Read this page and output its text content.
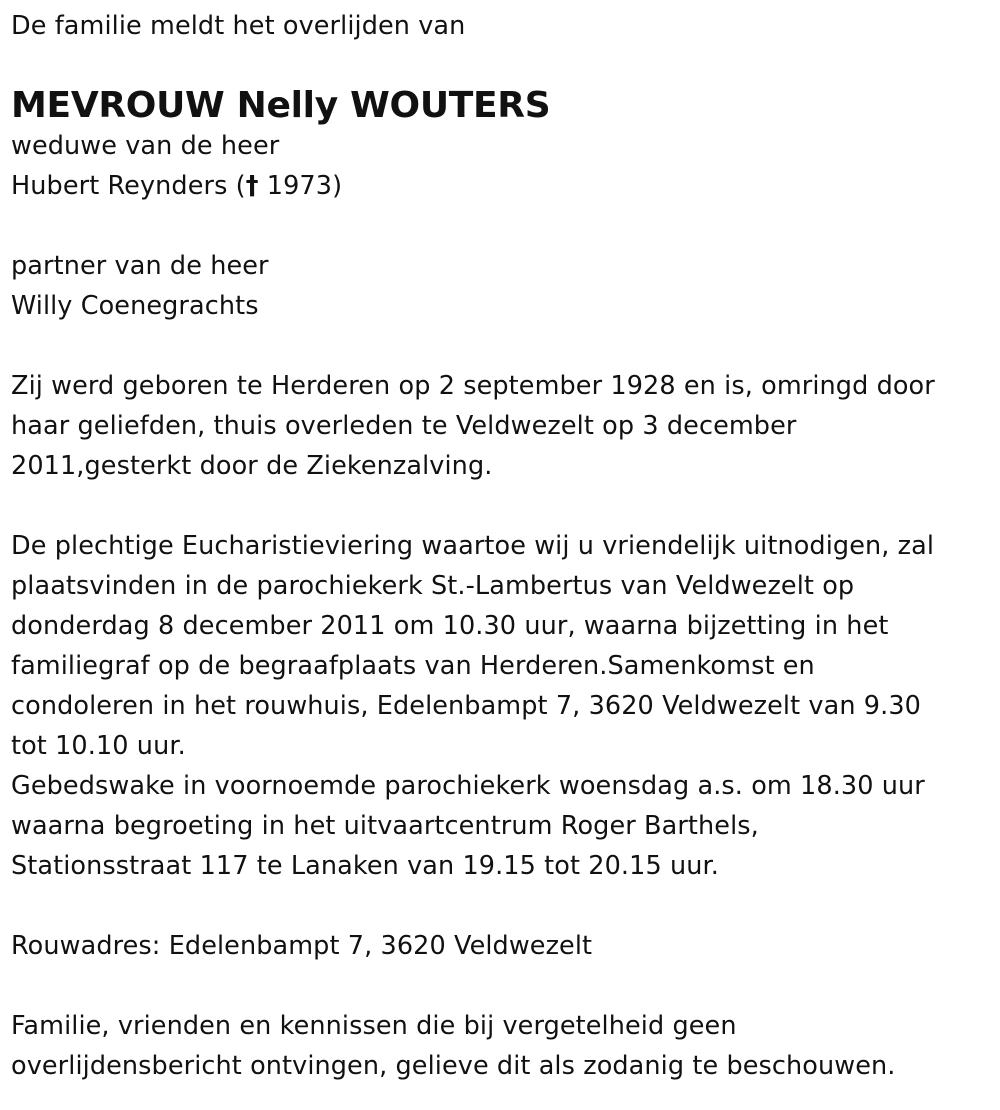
De familie meldt het overlijden van
MEVROUW Nelly WOUTERS
weduwe van de heer
Hubert Reynders († 1973)
partner van de heer
Willy Coenegrachts
Zij werd geboren te Herderen op 2 september 1928 en is, omringd door
haar geliefden, thuis overleden te Veldwezelt op 3 december
2011,gesterkt door de Ziekenzalving.
De plechtige Eucharistieviering waartoe wij u vriendelijk uitnodigen, zal
plaatsvinden in de parochiekerk St.-Lambertus van Veldwezelt op
donderdag 8 december 2011 om 10.30 uur, waarna bijzetting in het
familiegraf op de begraafplaats van Herderen.Samenkomst en
condoleren in het rouwhuis, Edelenbampt 7, 3620 Veldwezelt van 9.30
tot 10.10 uur.
Gebedswake in voornoemde parochiekerk woensdag a.s. om 18.30 uur
waarna begroeting in het uitvaartcentrum Roger Barthels,
Stationsstraat 117 te Lanaken van 19.15 tot 20.15 uur.
Rouwadres: Edelenbampt 7, 3620 Veldwezelt
Familie, vrienden en kennissen die bij vergetelheid geen
overlijdensbericht ontvingen, gelieve dit als zodanig te beschouwen.
